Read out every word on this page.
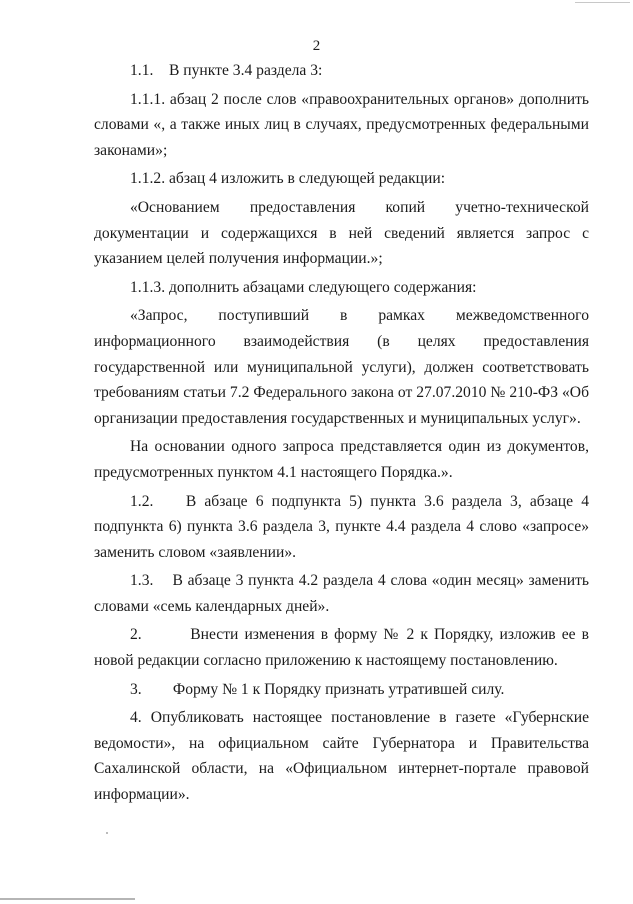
2

1.1.    В пункте 3.4 раздела 3:

1.1.1. абзац 2 после слов «правоохранительных органов» дополнить словами «, а также иных лиц в случаях, предусмотренных федеральными законами»;

1.1.2. абзац 4 изложить в следующей редакции:

«Основанием предоставления копий учетно-технической документации и содержащихся в ней сведений является запрос с указанием целей получения информации.»;

1.1.3. дополнить абзацами следующего содержания:

«Запрос, поступивший в рамках межведомственного информационного взаимодействия (в целях предоставления государственной или муниципальной услуги), должен соответствовать требованиям статьи 7.2 Федерального закона от 27.07.2010 № 210-ФЗ «Об организации предоставления государственных и муниципальных услуг».

На основании одного запроса представляется один из документов, предусмотренных пунктом 4.1 настоящего Порядка.».

1.2.    В абзаце 6 подпункта 5) пункта 3.6 раздела 3, абзаце 4 подпункта 6) пункта 3.6 раздела 3, пункте 4.4 раздела 4 слово «запросе» заменить словом «заявлении».

1.3.    В абзаце 3 пункта 4.2 раздела 4 слова «один месяц» заменить словами «семь календарных дней».

2.        Внести изменения в форму № 2 к Порядку, изложив ее в новой редакции согласно приложению к настоящему постановлению.

3.        Форму № 1 к Порядку признать утратившей силу.

4. Опубликовать настоящее постановление в газете «Губернские ведомости», на официальном сайте Губернатора и Правительства Сахалинской области, на «Официальном интернет-портале правовой информации».
